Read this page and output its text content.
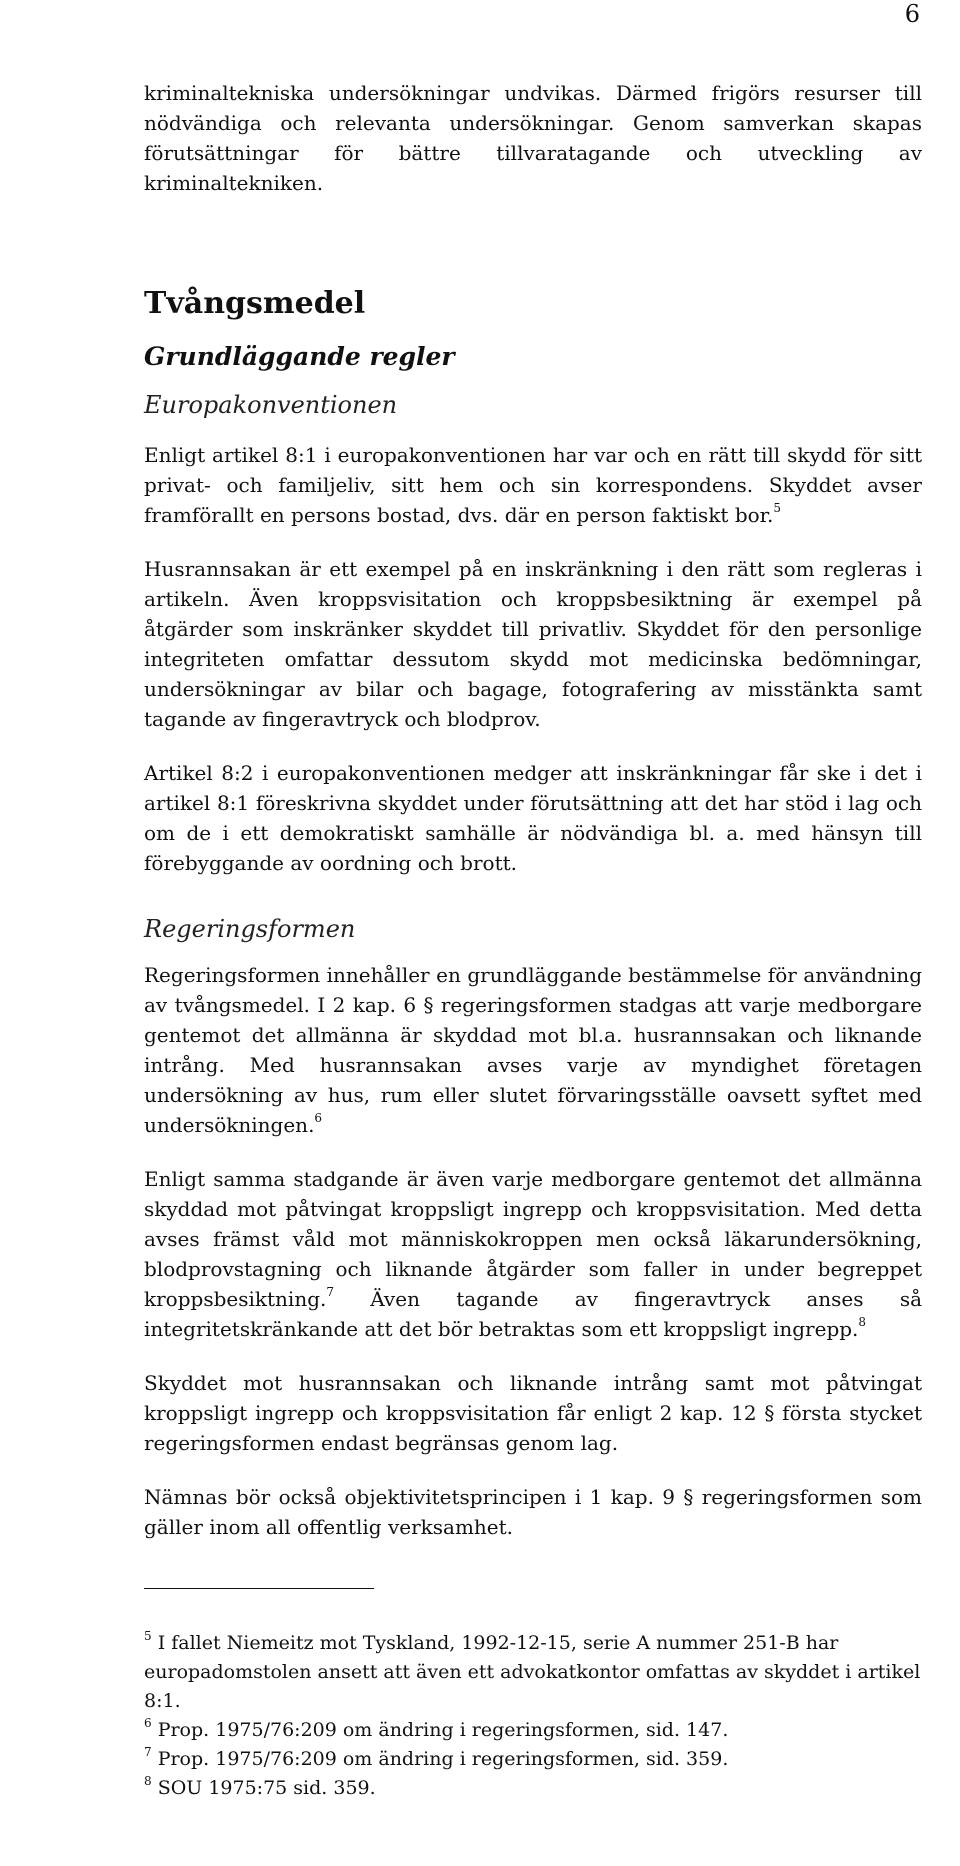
6

kriminaltekniska undersökningar undvikas. Därmed frigörs resurser till nödvändiga och relevanta undersökningar. Genom samverkan skapas förutsättningar för bättre tillvaratagande och utveckling av kriminaltekniken.

Tvångsmedel
Grundläggande regler
Europakonventionen

Enligt artikel 8:1 i europakonventionen har var och en rätt till skydd för sitt privat- och familjeliv, sitt hem och sin korrespondens. Skyddet avser framförallt en persons bostad, dvs. där en person faktiskt bor.$^5$

Husrannsakan är ett exempel på en inskränkning i den rätt som regleras i artikeln. Även kroppsvisitation och kroppsbesiktning är exempel på åtgärder som inskränker skyddet till privatliv. Skyddet för den personlige integriteten omfattar dessutom skydd mot medicinska bedömningar, undersökningar av bilar och bagage, fotografering av misstänkta samt tagande av fingeravtryck och blodprov.

Artikel 8:2 i europakonventionen medger att inskränkningar får ske i det i artikel 8:1 föreskrivna skyddet under förutsättning att det har stöd i lag och om de i ett demokratiskt samhälle är nödvändiga bl. a. med hänsyn till förebyggande av oordning och brott.

Regeringsformen

Regeringsformen innehåller en grundläggande bestämmelse för användning av tvångsmedel. I 2 kap. 6 § regeringsformen stadgas att varje medborgare gentemot det allmänna är skyddad mot bl.a. husrannsakan och liknande intrång. Med husrannsakan avses varje av myndighet företagen undersökning av hus, rum eller slutet förvaringsställe oavsett syftet med undersökningen.$^6$

Enligt samma stadgande är även varje medborgare gentemot det allmänna skyddad mot påtvingat kroppsligt ingrepp och kroppsvisitation. Med detta avses främst våld mot människokroppen men också läkarundersökning, blodprovstagning och liknande åtgärder som faller in under begreppet kroppsbesiktning.$^7$ Även tagande av fingeravtryck anses så integritetskränkande att det bör betraktas som ett kroppsligt ingrepp.$^8$

Skyddet mot husrannsakan och liknande intrång samt mot påtvingat kroppsligt ingrepp och kroppsvisitation får enligt 2 kap. 12 § första stycket regeringsformen endast begränsas genom lag.

Nämnas bör också objektivitetsprincipen i 1 kap. 9 § regeringsformen som gäller inom all offentlig verksamhet.

$^5$ I fallet Niemeitz mot Tyskland, 1992-12-15, serie A nummer 251-B har europadomstolen ansett att även ett advokatkontor omfattas av skyddet i artikel 8:1.

$^6$ Prop. 1975/76:209 om ändring i regeringsformen, sid. 147.

$^7$ Prop. 1975/76:209 om ändring i regeringsformen, sid. 359.

$^8$ SOU 1975:75 sid. 359.
